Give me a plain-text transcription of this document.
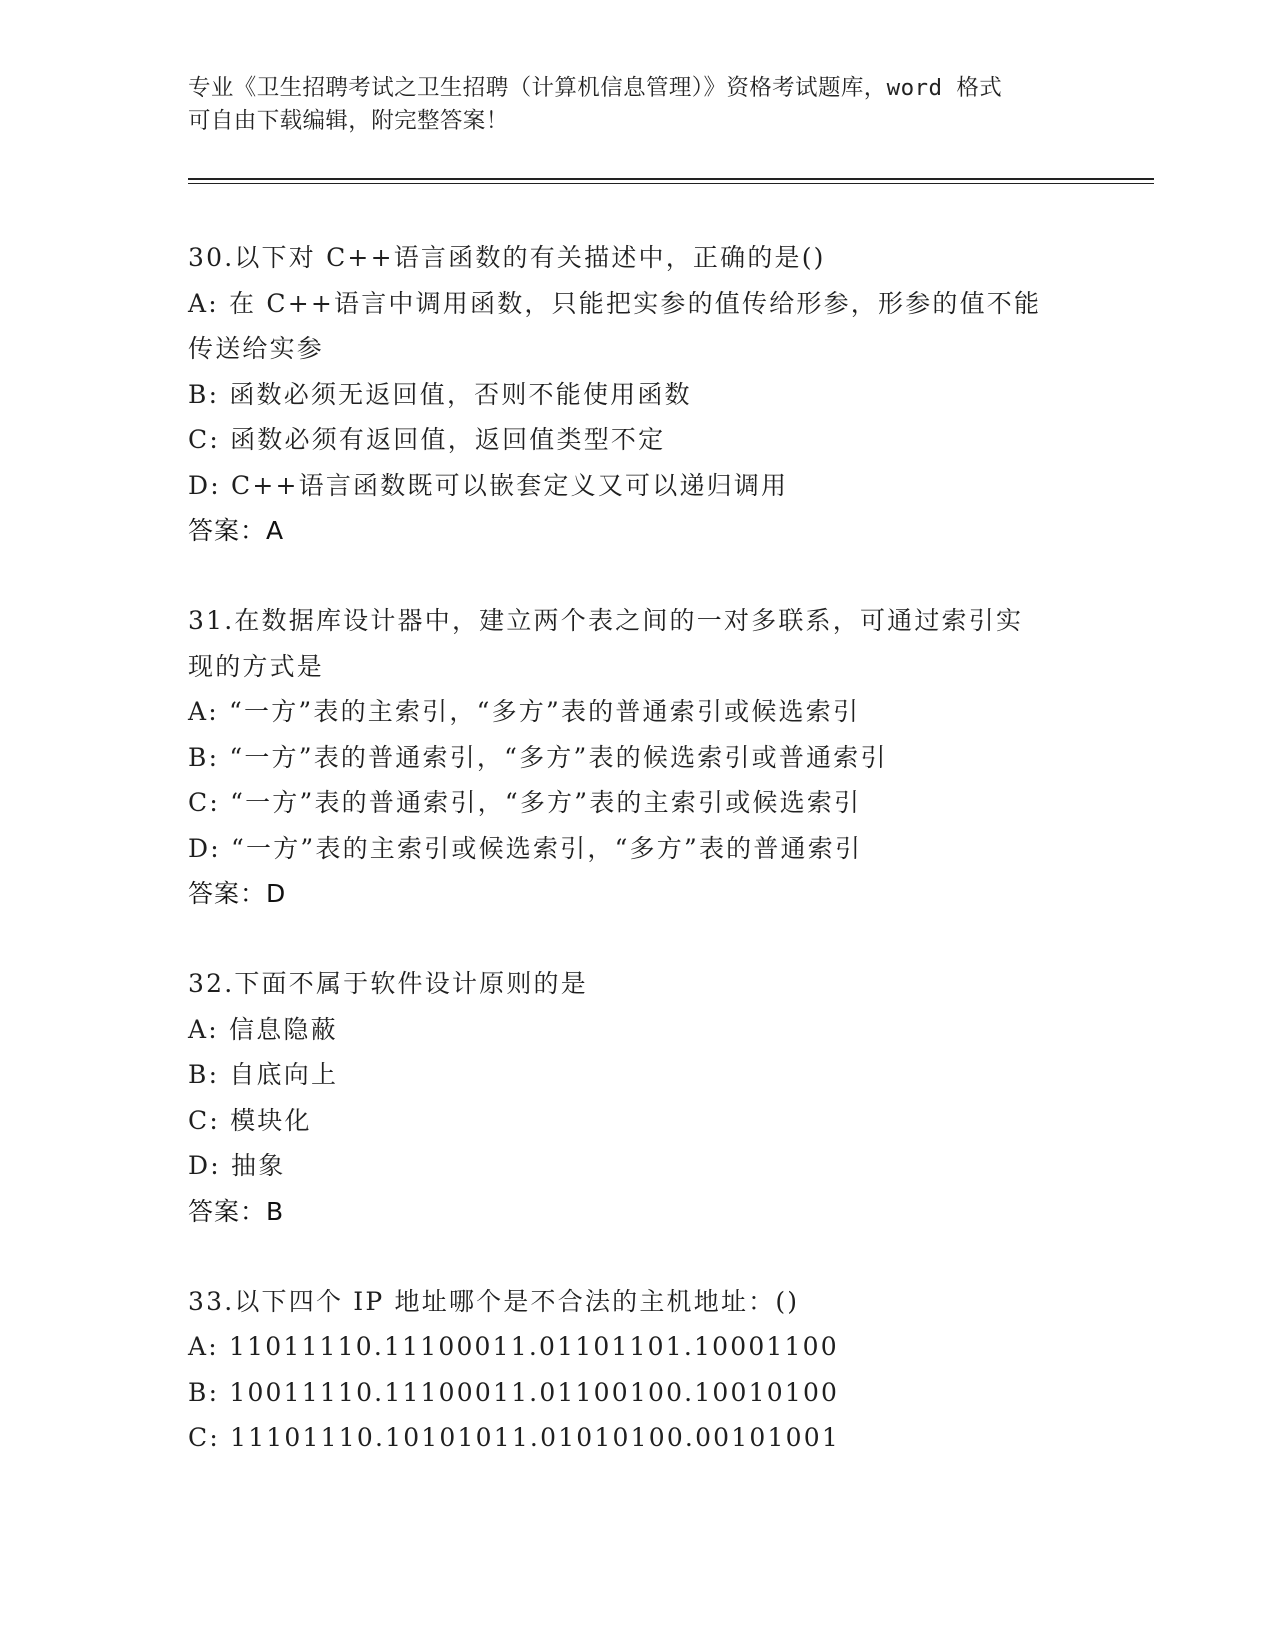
专业《卫生招聘考试之卫生招聘（计算机信息管理）》资格考试题库，word 格式
可自由下载编辑，附完整答案！
30.以下对 C++语言函数的有关描述中，正确的是()
A: 在 C++语言中调用函数，只能把实参的值传给形参，形参的值不能
传送给实参
B: 函数必须无返回值，否则不能使用函数
C: 函数必须有返回值，返回值类型不定
D: C++语言函数既可以嵌套定义又可以递归调用
答案：A
31.在数据库设计器中，建立两个表之间的一对多联系，可通过索引实
现的方式是
A: “一方”表的主索引，“多方”表的普通索引或候选索引
B: “一方”表的普通索引，“多方”表的候选索引或普通索引
C: “一方”表的普通索引，“多方”表的主索引或候选索引
D: “一方”表的主索引或候选索引，“多方”表的普通索引
答案：D
32.下面不属于软件设计原则的是
A: 信息隐蔽
B: 自底向上
C: 模块化
D: 抽象
答案：B
33.以下四个 IP 地址哪个是不合法的主机地址：()
A: 11011110.11100011.01101101.10001100
B: 10011110.11100011.01100100.10010100
C: 11101110.10101011.01010100.00101001
